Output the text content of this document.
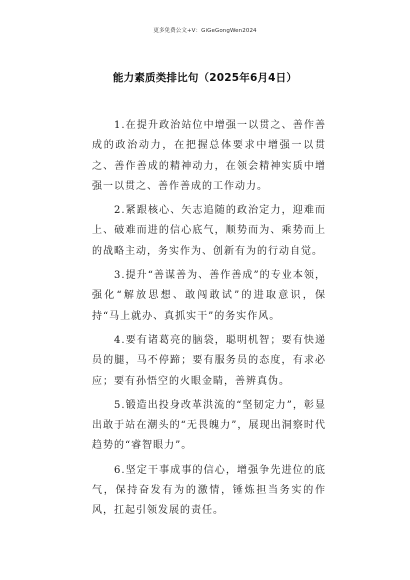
更多免费公文+V：GiGeGongWen2024
能力素质类排比句（2025年6月4日）

1.在提升政治站位中增强一以贯之、善作善成的政治动力，在把握总体要求中增强一以贯之、善作善成的精神动力，在领会精神实质中增强一以贯之、善作善成的工作动力。

2.紧跟核心、矢志追随的政治定力，迎难而上、破难而进的信心底气，顺势而为、乘势而上的战略主动，务实作为、创新有为的行动自觉。

3.提升“善谋善为、善作善成”的专业本领，强化“解放思想、敢闯敢试”的进取意识，保持“马上就办、真抓实干”的务实作风。

4.要有诸葛亮的脑袋，聪明机智；要有快递员的腿，马不停蹄；要有服务员的态度，有求必应；要有孙悟空的火眼金睛，善辨真伪。

5.锻造出投身改革洪流的“坚韧定力”，彰显出敢于站在潮头的“无畏魄力”，展现出洞察时代趋势的“睿智眼力”。

6.坚定干事成事的信心，增强争先进位的底气，保持奋发有为的激情，锤炼担当务实的作风，扛起引领发展的责任。
